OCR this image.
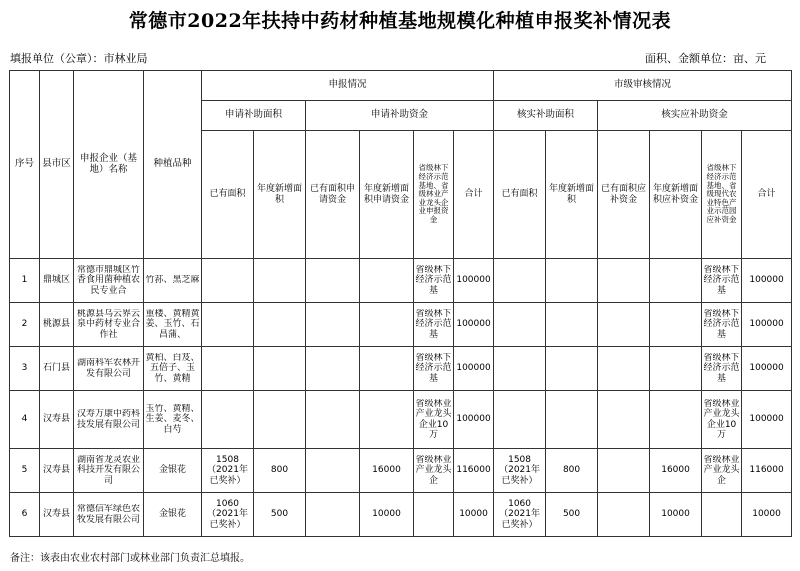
常德市2022年扶持中药材种植基地规模化种植申报奖补情况表
填报单位（公章）：市林业局	面积、金额单位：亩、元
序号	县市区	申报企业（基地）名称	种植品种	申报情况						市级审核情况					
				申请补助面积		申请补助资金				核实补助面积		核实应补助资金			
				已有面积	年度新增面积	已有面积申请资金	年度新增面积申请资金	省级林下经济示范基地、省级林业产业龙头企业申报资金	合计	已有面积	年度新增面积	已有面积应补资金	年度新增面积应补资金	省级林下经济示范基地、省级现代农业特色产业示范园应补资金	合计
1	鼎城区	常德市鼎城区竹香食用菌种植农民专业合	竹荪、黑芝麻					省级林下经济示范基	100000					省级林下经济示范基	100000
2	桃源县	桃源县乌云界云泉中药材专业合作社	重楼、黄精黄姜、玉竹、石昌蒲、					省级林下经济示范基	100000					省级林下经济示范基	100000
3	石门县	湖南科军农林开发有限公司	黄柏、白芨、五倍子、玉竹、黄精					省级林下经济示范基	100000					省级林下经济示范基	100000
4	汉寿县	汉寿万康中药科技发展有限公司	玉竹、黄精、生姜、麦冬、白芍					省级林业产业龙头企业10万	100000					省级林业产业龙头企业10万	100000
5	汉寿县	湖南省龙灵农业科技开发有限公司	金银花	1508（2021年已奖补）	800		16000	省级林业产业龙头企	116000	1508（2021年已奖补）	800		16000	省级林业产业龙头企	116000
6	汉寿县	常德信军绿色农牧发展有限公司	金银花	1060（2021年已奖补）	500		10000		10000	1060（2021年已奖补）	500		10000		10000
备注：该表由农业农村部门或林业部门负责汇总填报。
